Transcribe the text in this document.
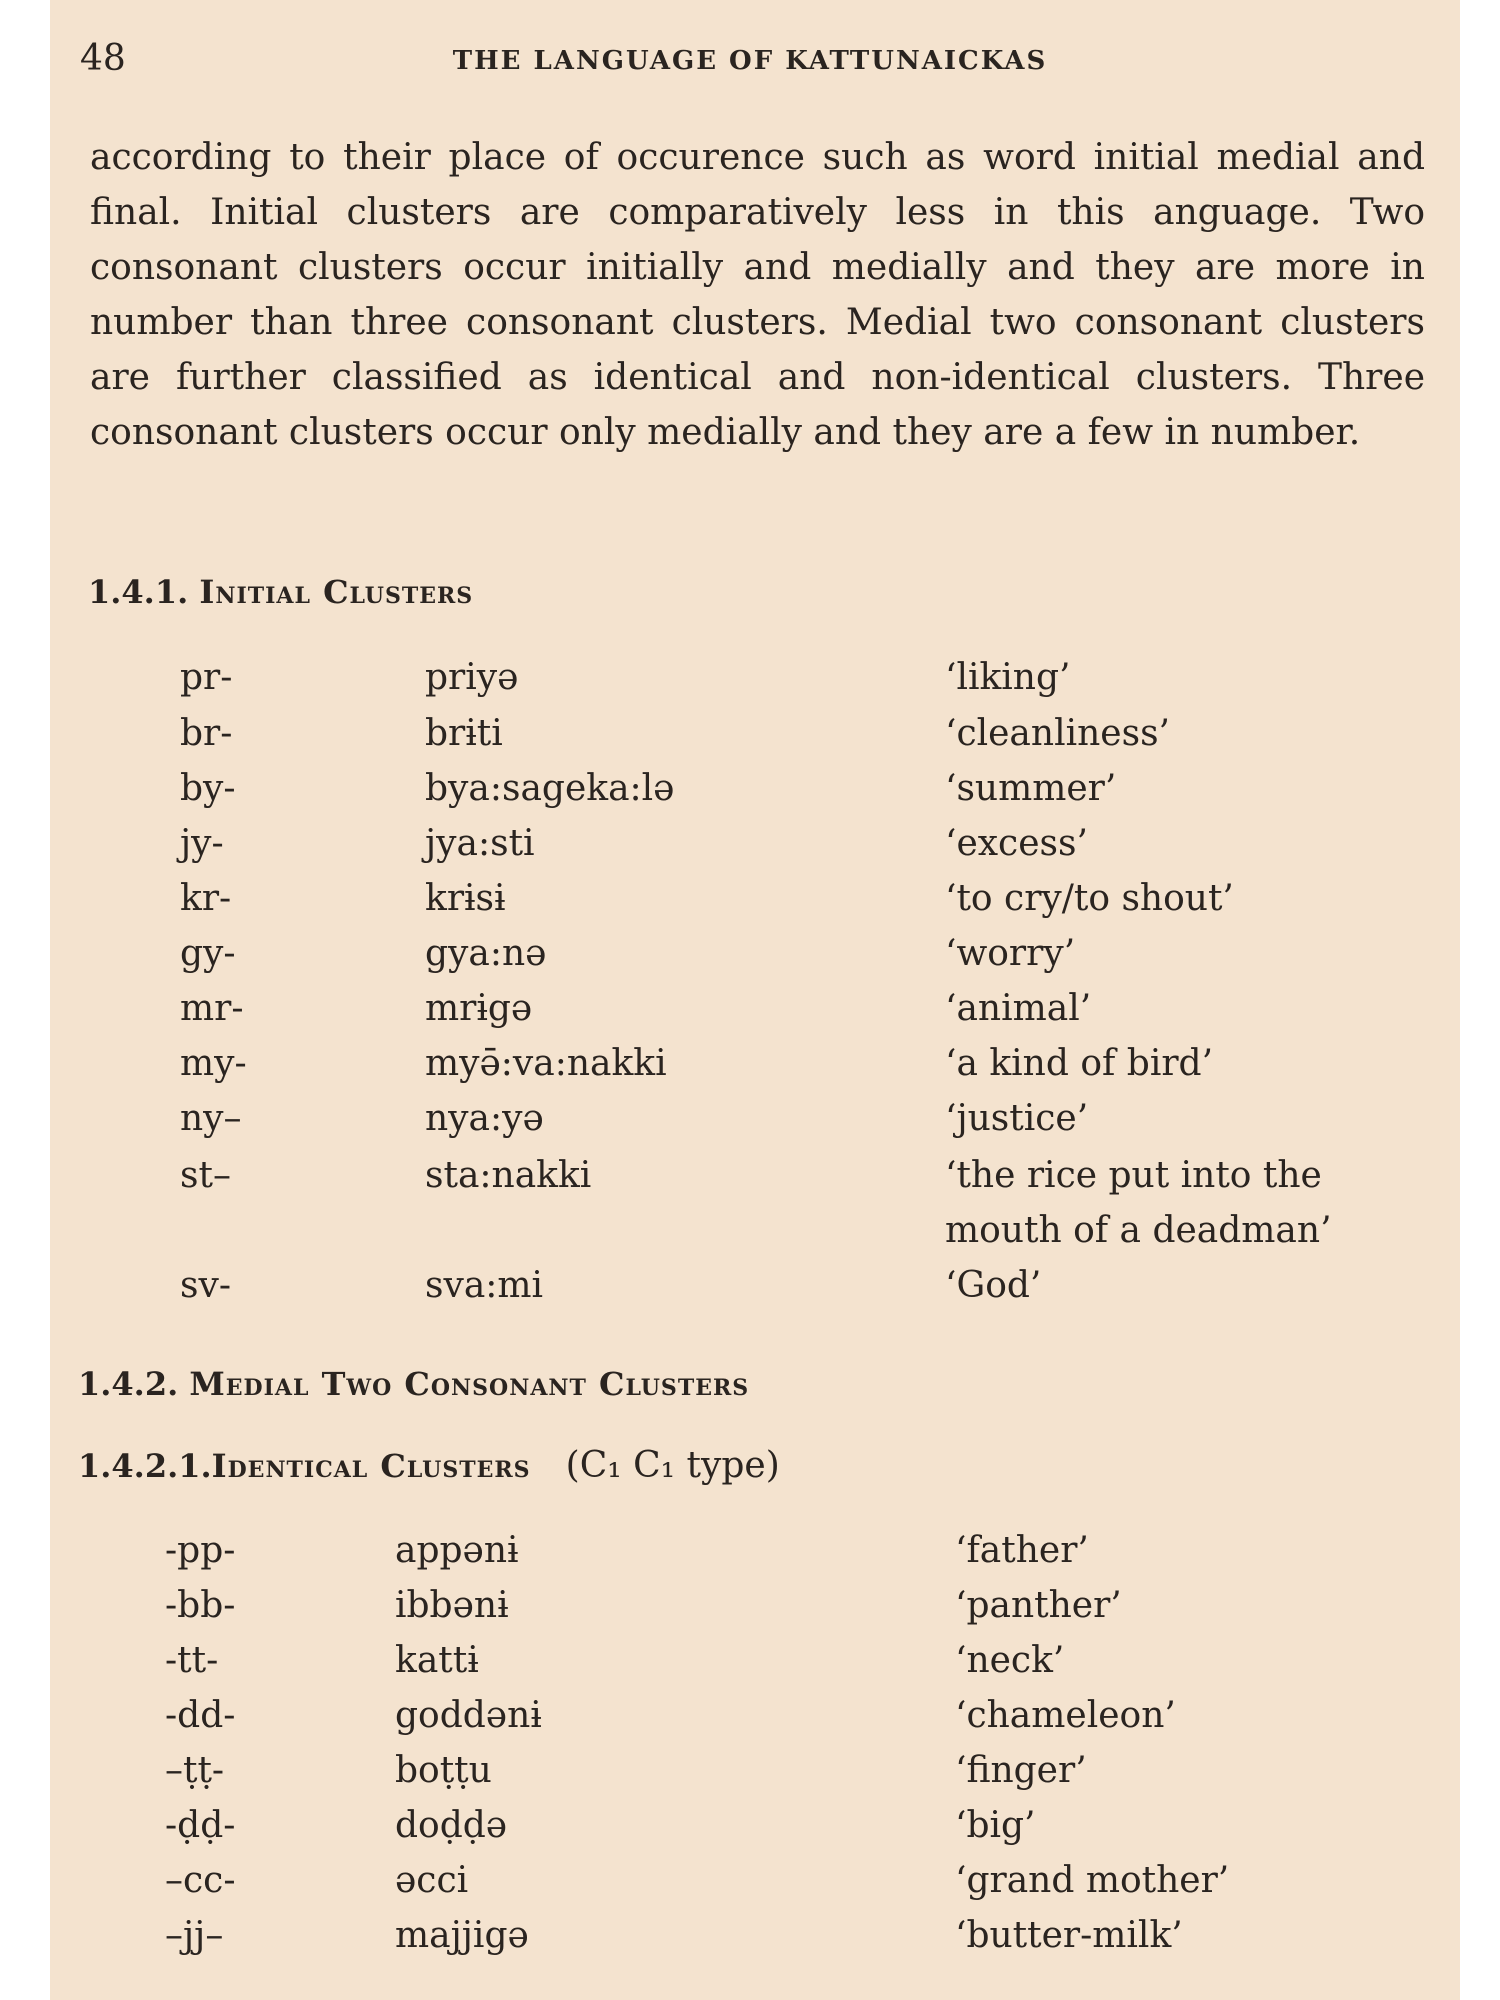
48	THE LANGUAGE OF KATTUNAICKAS

according to their place of occurence such as word initial medial and final. Initial clusters are comparatively less in this anguage. Two consonant clusters occur initially and medially and they are more in number than three consonant clusters. Medial two consonant clusters are further classified as identical and non-identical clusters. Three consonant clusters occur only medially and they are a few in number.

1.4.1. Initial Clusters
pr-	priyə	‘liking’
br-	brɨti	‘cleanliness’
by-	bya:sageka:lə	‘summer’
jy-	jya:sti	‘excess’
kr-	krɨsɨ	‘to cry/to shout’
gy-	gya:nə	‘worry’
mr-	mrɨgə	‘animal’
my-	myə̄:va:nakki	‘a kind of bird’
ny–	nya:yə	‘justice’
st–	sta:nakki	‘the rice put into the
mouth of a deadman’
sv-	sva:mi	‘God’
1.4.2. Medial Two Consonant Clusters
1.4.2.1.Identical Clusters (C₁ C₁ type)
-pp-	appənɨ	‘father’
-bb-	ibbənɨ	‘panther’
-tt-	kattɨ	‘neck’
-dd-	goddənɨ	‘chameleon’
–ṭṭ-	boṭṭu	‘finger’
-ḍḍ-	doḍḍə	‘big’
–cc-	əcci	‘grand mother’
–jj–	majjigə	‘butter-milk’
